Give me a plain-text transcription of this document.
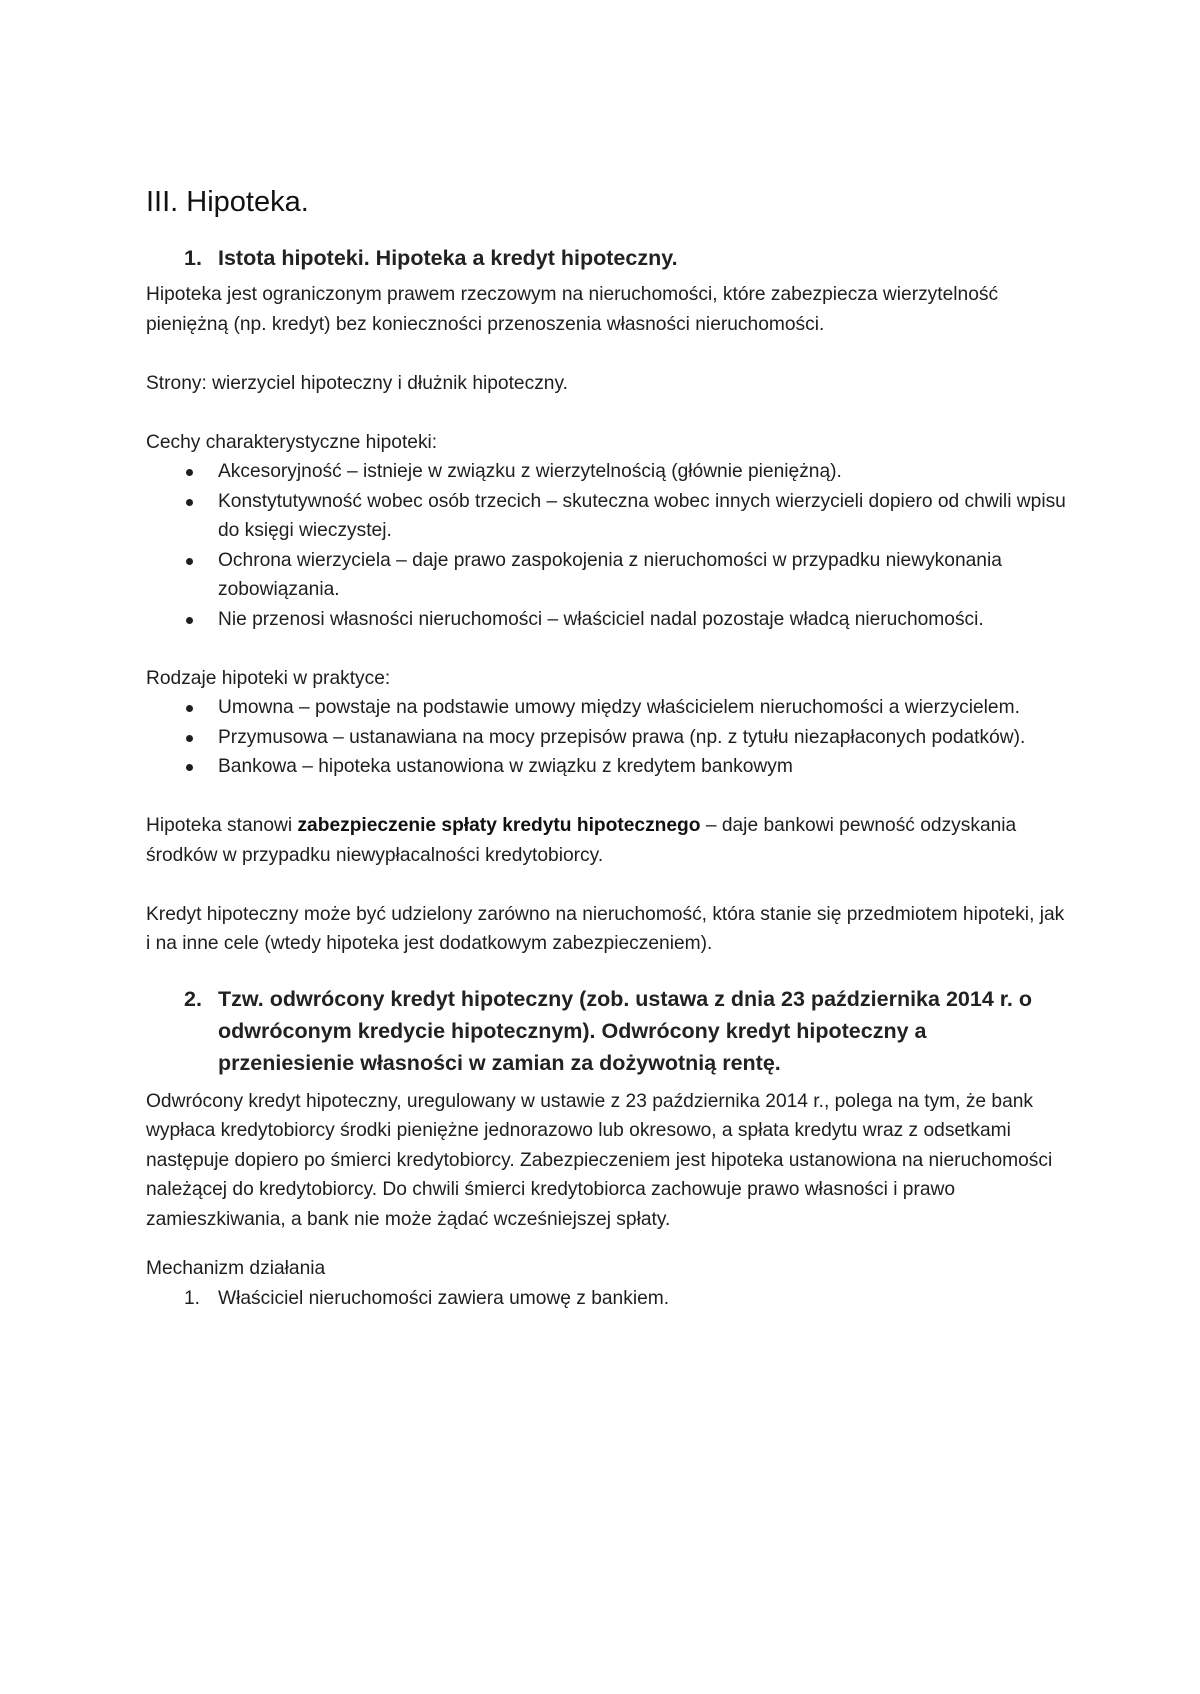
III. Hipoteka.
1. Istota hipoteki. Hipoteka a kredyt hipoteczny.

Hipoteka jest ograniczonym prawem rzeczowym na nieruchomości, które zabezpiecza wierzytelność pieniężną (np. kredyt) bez konieczności przenoszenia własności nieruchomości.

Strony: wierzyciel hipoteczny i dłużnik hipoteczny.

Cechy charakterystyczne hipoteki:

Akcesoryjność – istnieje w związku z wierzytelnością (głównie pieniężną).
Konstytutywność wobec osób trzecich – skuteczna wobec innych wierzycieli dopiero od chwili wpisu do księgi wieczystej.
Ochrona wierzyciela – daje prawo zaspokojenia z nieruchomości w przypadku niewykonania zobowiązania.
Nie przenosi własności nieruchomości – właściciel nadal pozostaje władcą nieruchomości.

Rodzaje hipoteki w praktyce:

Umowna – powstaje na podstawie umowy między właścicielem nieruchomości a wierzycielem.
Przymusowa – ustanawiana na mocy przepisów prawa (np. z tytułu niezapłaconych podatków).
Bankowa – hipoteka ustanowiona w związku z kredytem bankowym

Hipoteka stanowi zabezpieczenie spłaty kredytu hipotecznego – daje bankowi pewność odzyskania środków w przypadku niewypłacalności kredytobiorcy.

Kredyt hipoteczny może być udzielony zarówno na nieruchomość, która stanie się przedmiotem hipoteki, jak i na inne cele (wtedy hipoteka jest dodatkowym zabezpieczeniem).

2. Tzw. odwrócony kredyt hipoteczny (zob. ustawa z dnia 23 października 2014 r. o odwróconym kredycie hipotecznym). Odwrócony kredyt hipoteczny a przeniesienie własności w zamian za dożywotnią rentę.

Odwrócony kredyt hipoteczny, uregulowany w ustawie z 23 października 2014 r., polega na tym, że bank wypłaca kredytobiorcy środki pieniężne jednorazowo lub okresowo, a spłata kredytu wraz z odsetkami następuje dopiero po śmierci kredytobiorcy. Zabezpieczeniem jest hipoteka ustanowiona na nieruchomości należącej do kredytobiorcy. Do chwili śmierci kredytobiorca zachowuje prawo własności i prawo zamieszkiwania, a bank nie może żądać wcześniejszej spłaty.

Mechanizm działania

1. Właściciel nieruchomości zawiera umowę z bankiem.
